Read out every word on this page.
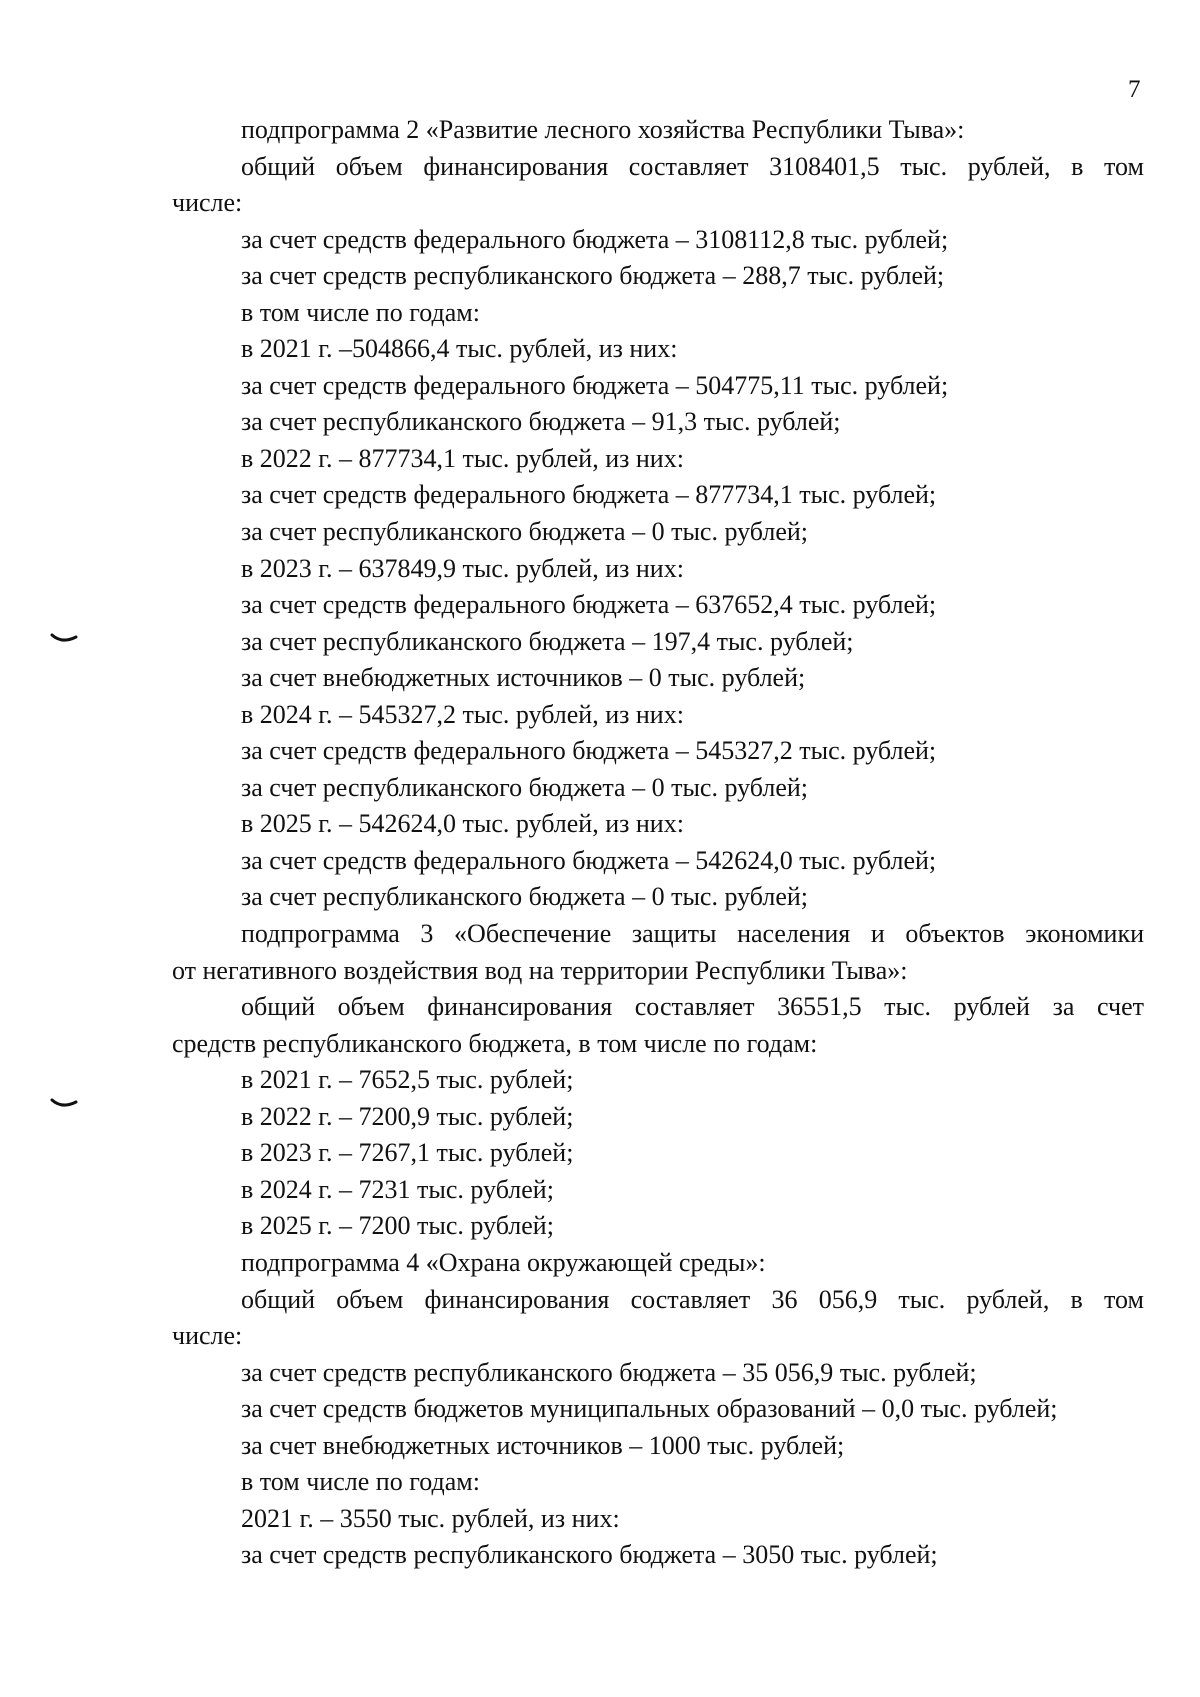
7
подпрограмма 2 «Развитие лесного хозяйства Республики Тыва»:
общий объем финансирования составляет 3108401,5 тыс. рублей, в том
числе:
за счет средств федерального бюджета – 3108112,8 тыс. рублей;
за счет средств республиканского бюджета – 288,7 тыс. рублей;
в том числе по годам:
в 2021 г. –504866,4 тыс. рублей, из них:
за счет средств федерального бюджета – 504775,11 тыс. рублей;
за счет республиканского бюджета – 91,3 тыс. рублей;
в 2022 г. – 877734,1 тыс. рублей, из них:
за счет средств федерального бюджета – 877734,1 тыс. рублей;
за счет республиканского бюджета – 0 тыс. рублей;
в 2023 г. – 637849,9 тыс. рублей, из них:
за счет средств федерального бюджета – 637652,4 тыс. рублей;
за счет республиканского бюджета – 197,4 тыс. рублей;
за счет внебюджетных источников – 0 тыс. рублей;
в 2024 г. – 545327,2 тыс. рублей, из них:
за счет средств федерального бюджета – 545327,2 тыс. рублей;
за счет республиканского бюджета – 0 тыс. рублей;
в 2025 г. – 542624,0 тыс. рублей, из них:
за счет средств федерального бюджета – 542624,0 тыс. рублей;
за счет республиканского бюджета – 0 тыс. рублей;
подпрограмма 3 «Обеспечение защиты населения и объектов экономики
от негативного воздействия вод на территории Республики Тыва»:
общий объем финансирования составляет 36551,5 тыс. рублей за счет
средств республиканского бюджета, в том числе по годам:
в 2021 г. – 7652,5 тыс. рублей;
в 2022 г. – 7200,9 тыс. рублей;
в 2023 г. – 7267,1 тыс. рублей;
в 2024 г. – 7231 тыс. рублей;
в 2025 г. – 7200 тыс. рублей;
подпрограмма 4 «Охрана окружающей среды»:
общий объем финансирования составляет 36 056,9 тыс. рублей, в том
числе:
за счет средств республиканского бюджета – 35 056,9 тыс. рублей;
за счет средств бюджетов муниципальных образований – 0,0 тыс. рублей;
за счет внебюджетных источников – 1000 тыс. рублей;
в том числе по годам:
2021 г. – 3550 тыс. рублей, из них:
за счет средств республиканского бюджета – 3050 тыс. рублей;
